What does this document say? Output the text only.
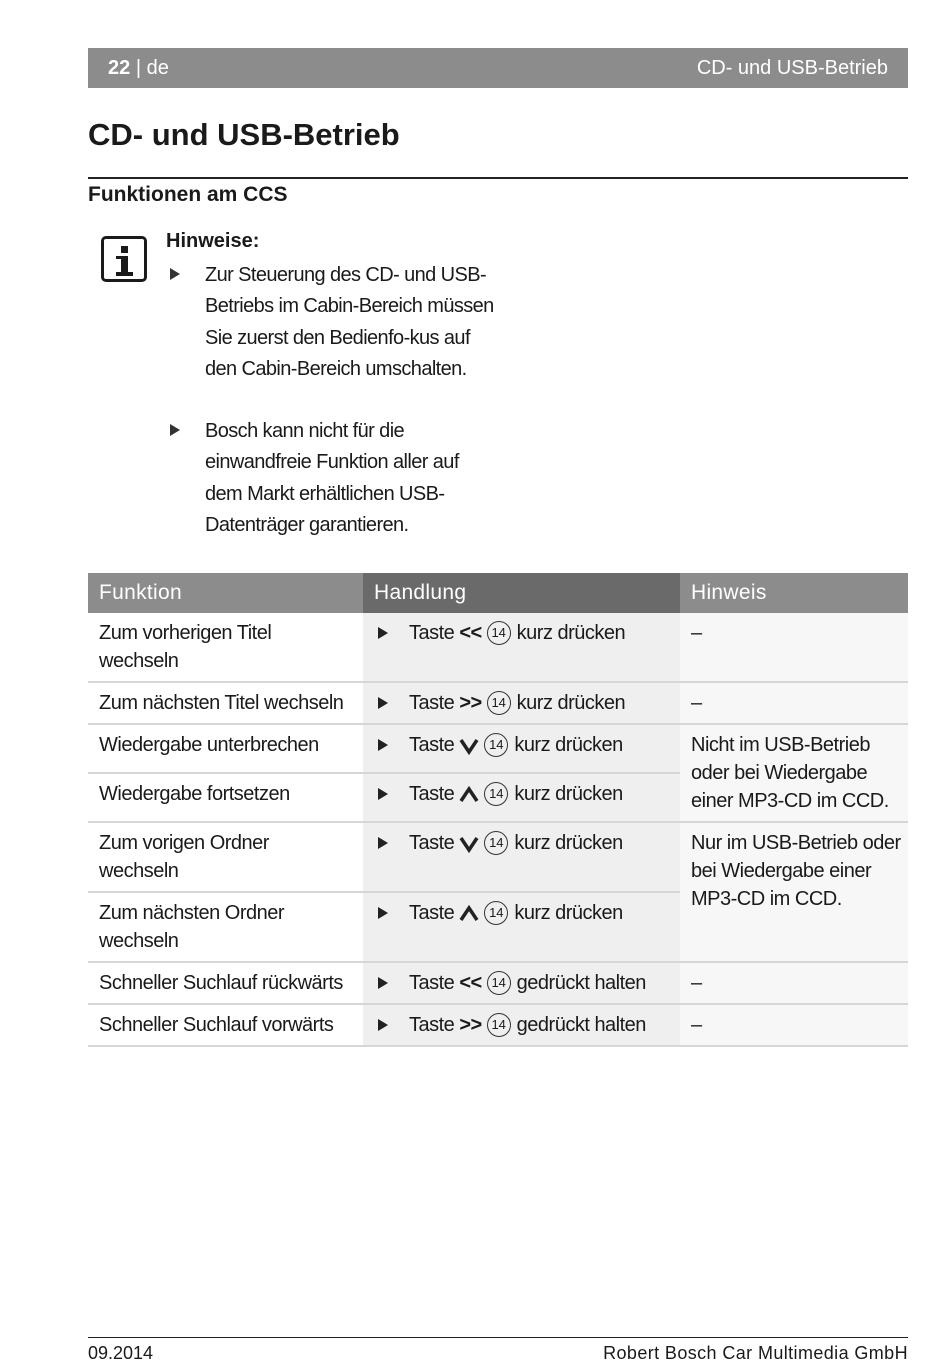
22 | de	CD- und USB-Betrieb
CD- und USB-Betrieb
Funktionen am CCS
Hinweise:
Zur Steuerung des CD- und USB-Betriebs im Cabin-Bereich müssen Sie zuerst den Bedienfo-kus auf den Cabin-Bereich umschalten.
Bosch kann nicht für die einwandfreie Funktion aller auf dem Markt erhältlichen USB-Datenträger garantieren.
Funktion	Handlung	Hinweis
Zum vorherigen Titel wechseln	Taste << 14 kurz drücken	–
Zum nächsten Titel wechseln	Taste >> 14 kurz drücken	–
Wiedergabe unterbrechen	Taste 14 kurz drücken	Nicht im USB-Betrieb oder bei Wiedergabe einer MP3-CD im CCD.
Wiedergabe fortsetzen	Taste 14 kurz drücken	

Zum vorigen Ordner wechseln	Taste 14 kurz drücken	Nur im USB-Betrieb oder bei Wiedergabe einer MP3-CD im CCD.
Zum nächsten Ordner wechseln	Taste 14 kurz drücken	

Schneller Suchlauf rückwärts	Taste << 14 gedrückt halten	–
Schneller Suchlauf vorwärts	Taste >> 14 gedrückt halten	–
09.2014	Robert Bosch Car Multimedia GmbH
